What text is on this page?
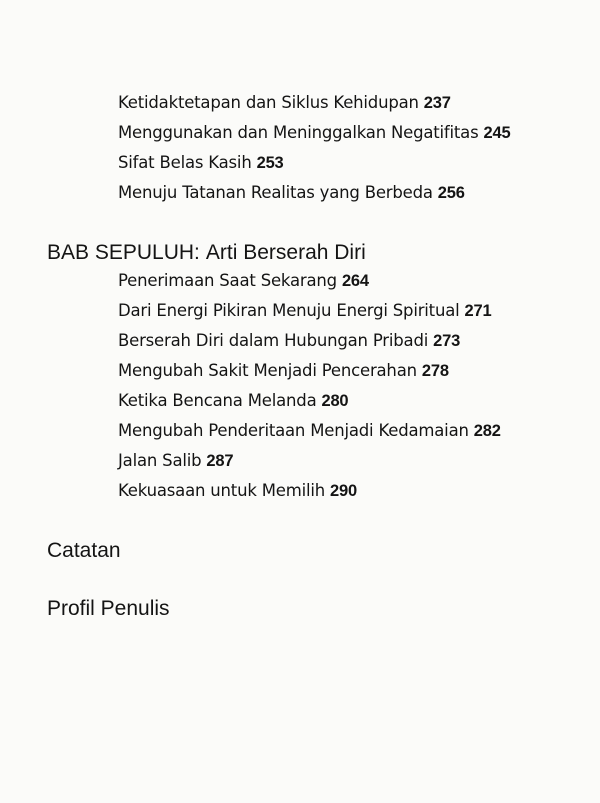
Ketidaktetapan dan Siklus Kehidupan 237
Menggunakan dan Meninggalkan Negatifitas 245
Sifat Belas Kasih 253
Menuju Tatanan Realitas yang Berbeda 256
BAB SEPULUH: Arti Berserah Diri
Penerimaan Saat Sekarang 264
Dari Energi Pikiran Menuju Energi Spiritual 271
Berserah Diri dalam Hubungan Pribadi 273
Mengubah Sakit Menjadi Pencerahan 278
Ketika Bencana Melanda 280
Mengubah Penderitaan Menjadi Kedamaian 282
Jalan Salib 287
Kekuasaan untuk Memilih 290
Catatan
Profil Penulis
